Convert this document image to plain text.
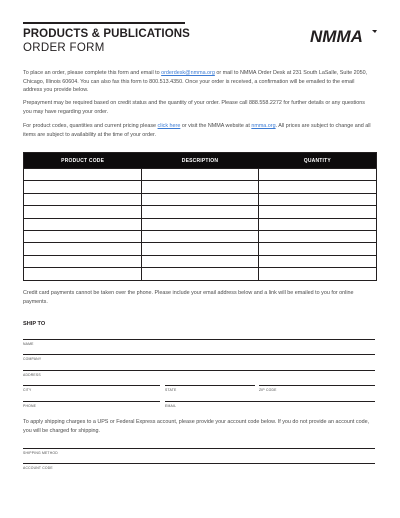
PRODUCTS & PUBLICATIONS
ORDER FORM
NMMA
To place an order, please complete this form and email to orderdesk@nmma.org or mail to NMMA Order Desk at 231 South LaSalle, Suite 2050, Chicago, Illinois 60604. You can also fax this form to 800.513.4350. Once your order is received, a confirmation will be emailed to the email address you provide below.
Prepayment may be required based on credit status and the quantity of your order. Please call 888.558.2272 for further details or any questions you may have regarding your order.
For product codes, quantities and current pricing please click here or visit the NMMA website at nmma.org. All prices are subject to change and all items are subject to availability at the time of your order.
PRODUCT CODE	DESCRIPTION	QUANTITY
Credit card payments cannot be taken over the phone. Please include your email address below and a link will be emailed to you for online payments.
SHIP TO
NAME
COMPANY
ADDRESS
CITY	STATE	ZIP CODE
PHONE	EMAIL
To apply shipping charges to a UPS or Federal Express account, please provide your account code below. If you do not provide an account code, you will be charged for shipping.
SHIPPING METHOD
ACCOUNT CODE
